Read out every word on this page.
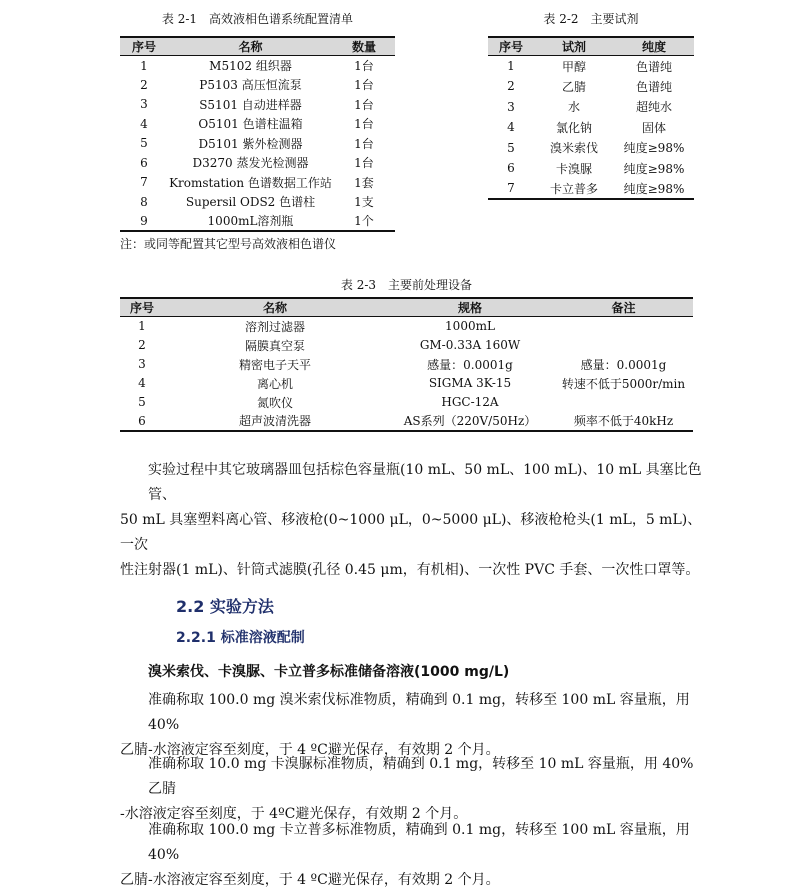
表 2-1　高效液相色谱系统配置清单
序号	名称	数量
1	M5102 组织器	1台
2	P5103 高压恒流泵	1台
3	S5101 自动进样器	1台
4	O5101 色谱柱温箱	1台
5	D5101 紫外检测器	1台
6	D3270 蒸发光检测器	1台
7	Kromstation 色谱数据工作站	1套
8	Supersil ODS2 色谱柱	1支
9	1000mL溶剂瓶	1个
注：或同等配置其它型号高效液相色谱仪
表 2-2　主要试剂
序号	试剂	纯度
1	甲醇	色谱纯
2	乙腈	色谱纯
3	水	超纯水
4	氯化钠	固体
5	溴米索伐	纯度≥98%
6	卡溴脲	纯度≥98%
7	卡立普多	纯度≥98%
表 2-3　主要前处理设备
序号	名称	规格	备注
1	溶剂过滤器	1000mL	
2	隔膜真空泵	GM-0.33A 160W	
3	精密电子天平	感量：0.0001g	感量：0.0001g
4	离心机	SIGMA 3K-15	转速不低于5000r/min
5	氮吹仪	HGC-12A	
6	超声波清洗器	AS系列（220V/50Hz）	频率不低于40kHz
实验过程中其它玻璃器皿包括棕色容量瓶(10 mL、50 mL、100 mL)、10 mL 具塞比色管、
50 mL 具塞塑料离心管、移液枪(0~1000 μL，0~5000 μL)、移液枪枪头(1 mL，5 mL)、一次
性注射器(1 mL)、针筒式滤膜(孔径 0.45 μm，有机相)、一次性 PVC 手套、一次性口罩等。
2.2 实验方法
2.2.1 标准溶液配制
溴米索伐、卡溴脲、卡立普多标准储备溶液(1000 mg/L)
准确称取 100.0 mg 溴米索伐标准物质，精确到 0.1 mg，转移至 100 mL 容量瓶，用 40%
乙腈-水溶液定容至刻度，于 4 ºC避光保存，有效期 2 个月。
准确称取 10.0 mg 卡溴脲标准物质，精确到 0.1 mg，转移至 10 mL 容量瓶，用 40%乙腈
-水溶液定容至刻度，于 4ºC避光保存，有效期 2 个月。
准确称取 100.0 mg 卡立普多标准物质，精确到 0.1 mg，转移至 100 mL 容量瓶，用 40%
乙腈-水溶液定容至刻度，于 4 ºC避光保存，有效期 2 个月。
